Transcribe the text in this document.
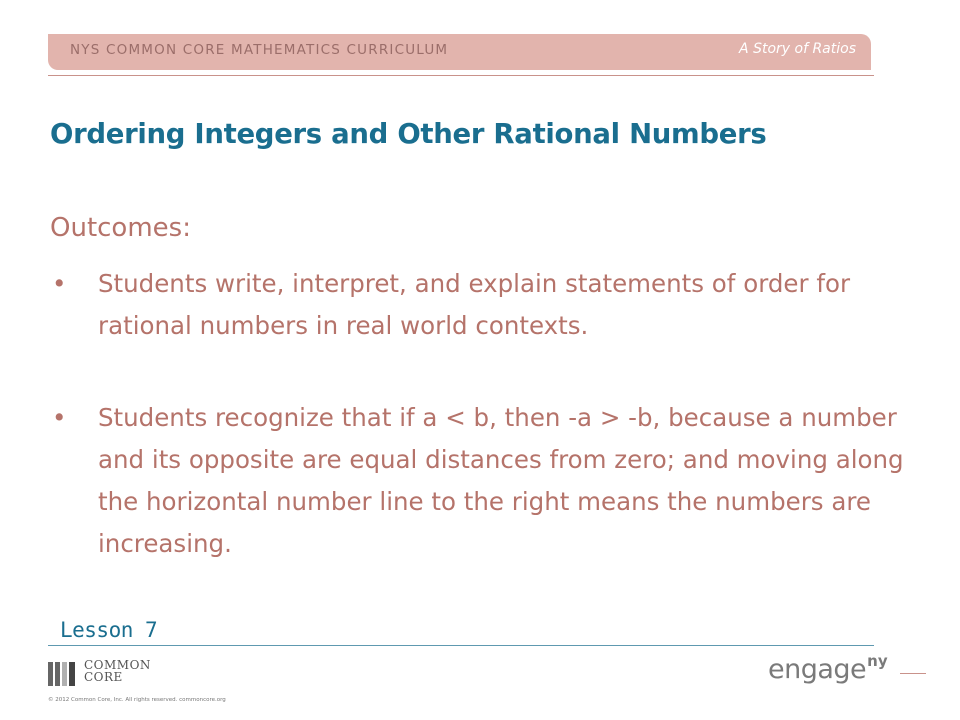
NYS COMMON CORE MATHEMATICS CURRICULUM	A Story of Ratios
Ordering Integers and Other Rational Numbers
Outcomes:
• Students write, interpret, and explain statements of order for rational numbers in real world contexts.
• Students recognize that if a < b, then -a > -b, because a number and its opposite are equal distances from zero; and moving along the horizontal number line to the right means the numbers are increasing.
Lesson 7
COMMON
CORE
© 2012 Common Core, Inc. All rights reserved. commoncore.org
engageny
